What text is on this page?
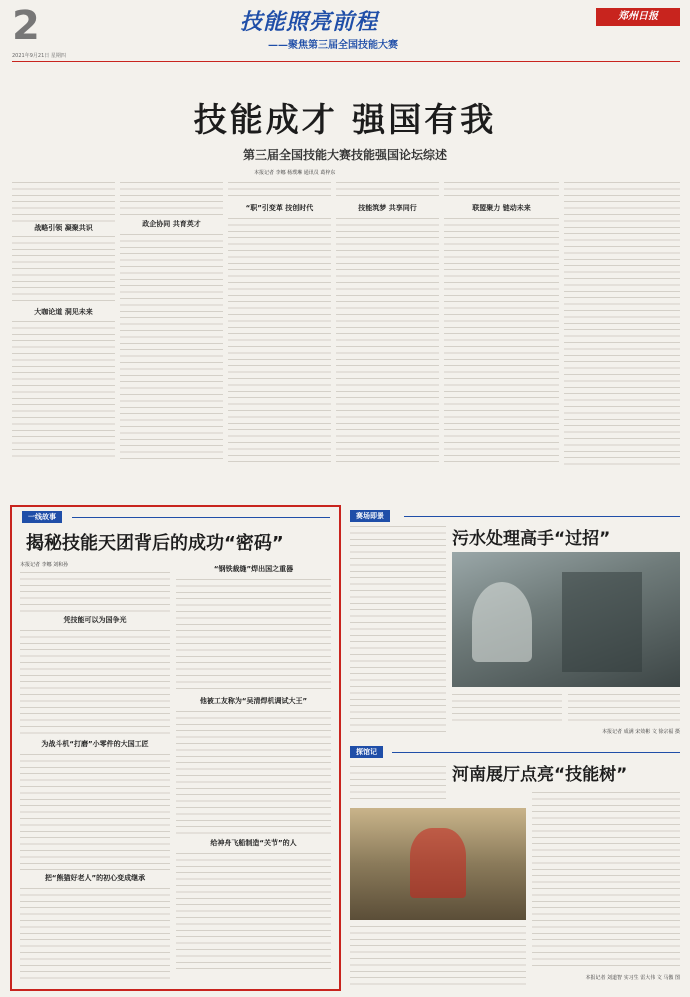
2
2021年9月21日 星期四
技能照亮前程
——聚焦第三届全国技能大赛
郑州日报
技能成才 强国有我
第三届全国技能大赛技能强国论坛综述
本报记者 李娜 杨璞琳 通讯员 葛梓东
战略引领 凝聚共识
大咖论道 洞见未来
政企协同 共育英才
“职”引变革 技创时代	技能筑梦 共享同行	联盟聚力 链动未来
一线故事
揭秘技能天团背后的成功“密码”
本报记者 李娜 刘和孙
凭技能可以为国争光
为战斗机“打磨”小零件的大国工匠
把“熊猫好老人”的初心变成继承
“钢铁裁缝”焊出国之重器
他被工友称为“吴清焊机调试大王”
给神舟飞船制造“关节”的人
赛场即景
污水处理高手“过招”
本报记者 成满 宋效彬 文 徐宗福 摄
探馆记
河南展厅点亮“技能树”
本报记者 刘道智 实习生 雷大伟 文 马傲 图
